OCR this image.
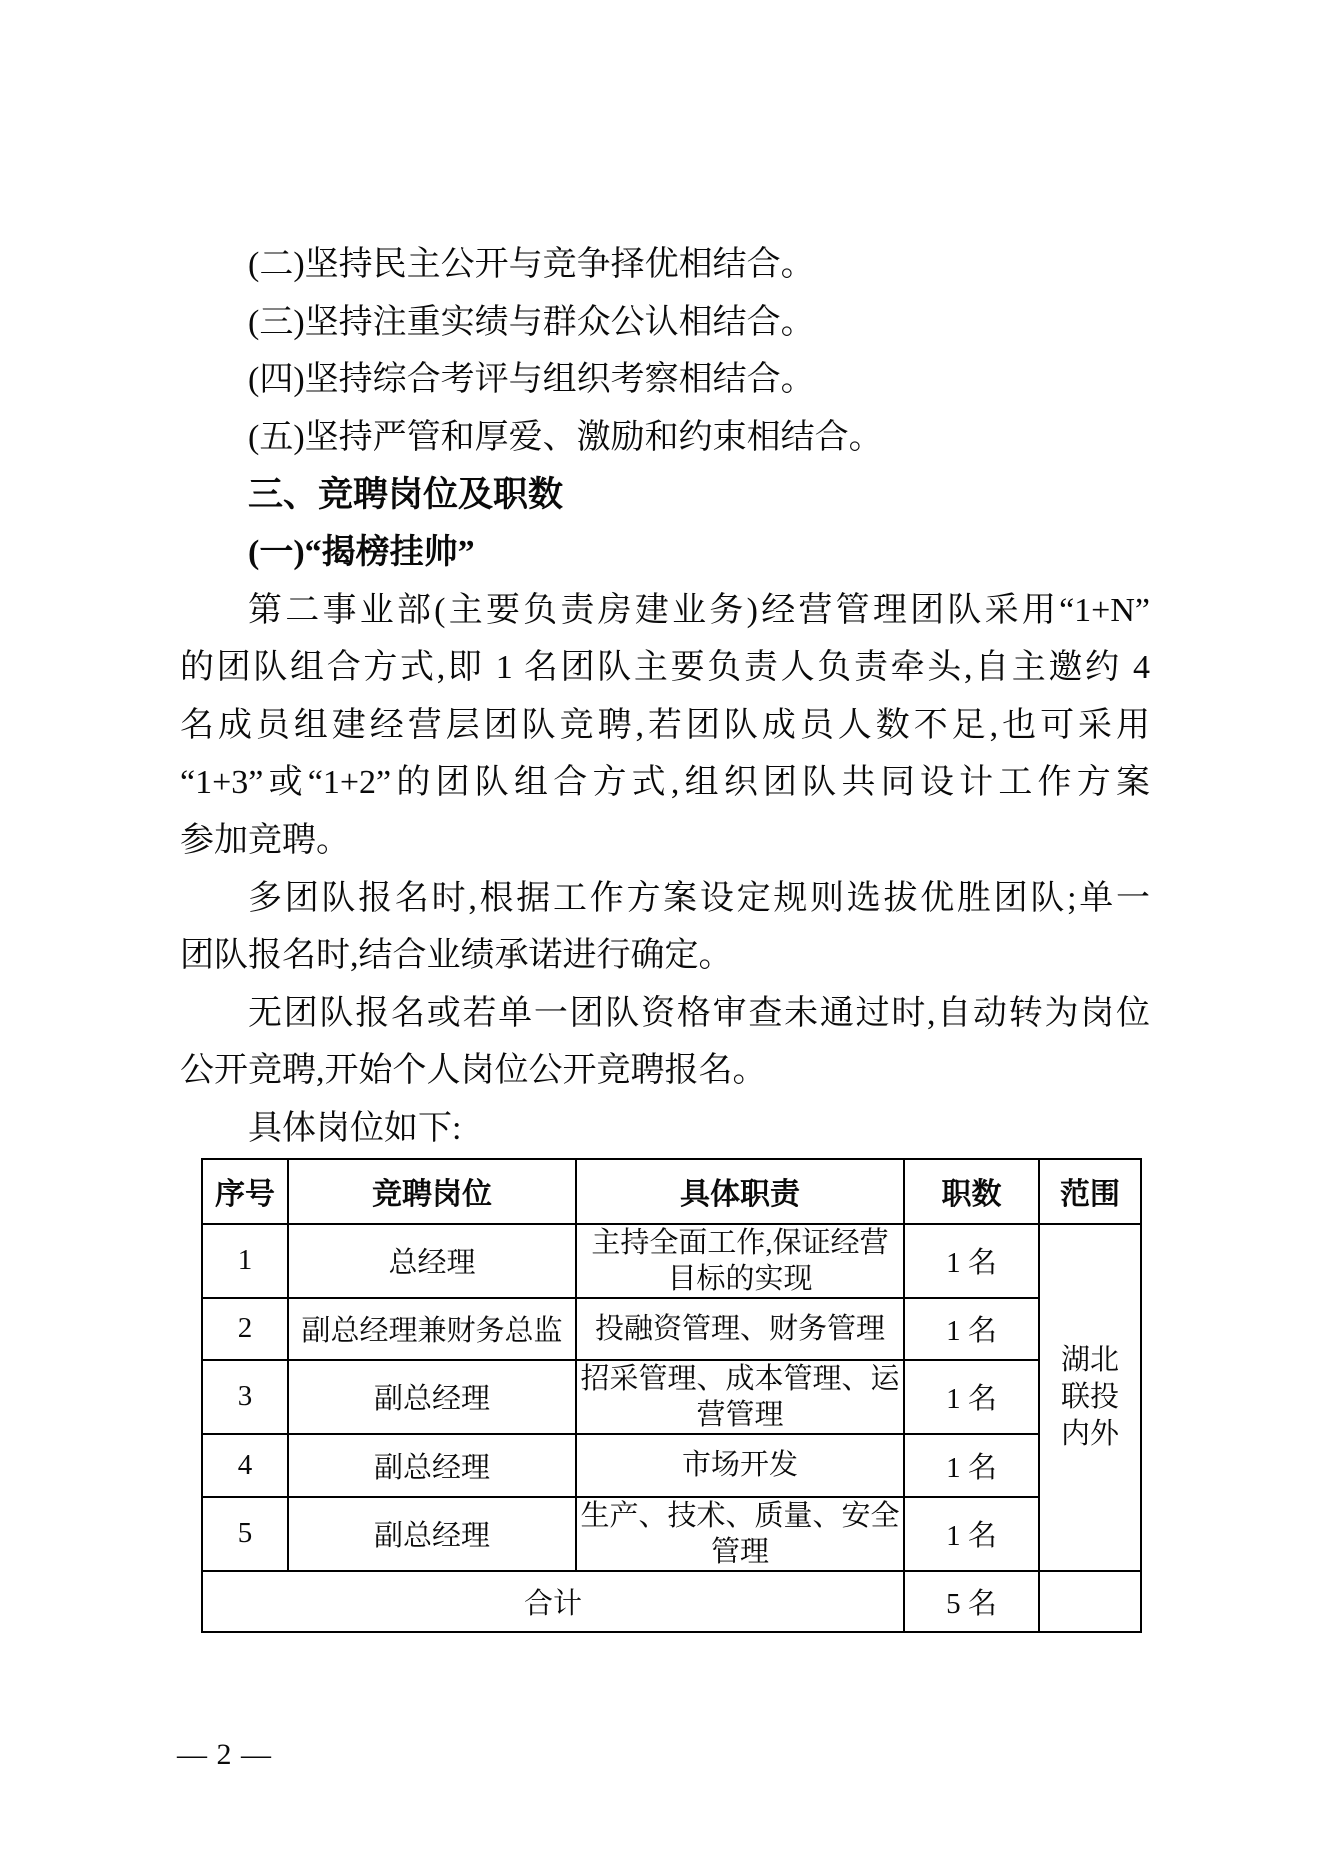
(二)坚持民主公开与竞争择优相结合。
(三)坚持注重实绩与群众公认相结合。
(四)坚持综合考评与组织考察相结合。
(五)坚持严管和厚爱、激励和约束相结合。
三、竞聘岗位及职数
(一)“揭榜挂帅”
第二事业部(主要负责房建业务)经营管理团队采用“1+N”
的团队组合方式,即 1 名团队主要负责人负责牵头,自主邀约 4
名成员组建经营层团队竞聘,若团队成员人数不足,也可采用
“1+3”或“1+2”的团队组合方式,组织团队共同设计工作方案
参加竞聘。
多团队报名时,根据工作方案设定规则选拔优胜团队;单一
团队报名时,结合业绩承诺进行确定。
无团队报名或若单一团队资格审查未通过时,自动转为岗位
公开竞聘,开始个人岗位公开竞聘报名。
具体岗位如下:
序号	竞聘岗位	具体职责	职数	范围
1	总经理	主持全面工作,保证经营
目标的实现	1 名	湖北联投内外

2	副总经理兼财务总监	投融资管理、财务管理	1 名	
3	副总经理	招采管理、成本管理、运
营管理	1 名	
4	副总经理	市场开发	1 名	
5	副总经理	生产、技术、质量、安全
管理	1 名	
合计			5 名	
— 2 —
